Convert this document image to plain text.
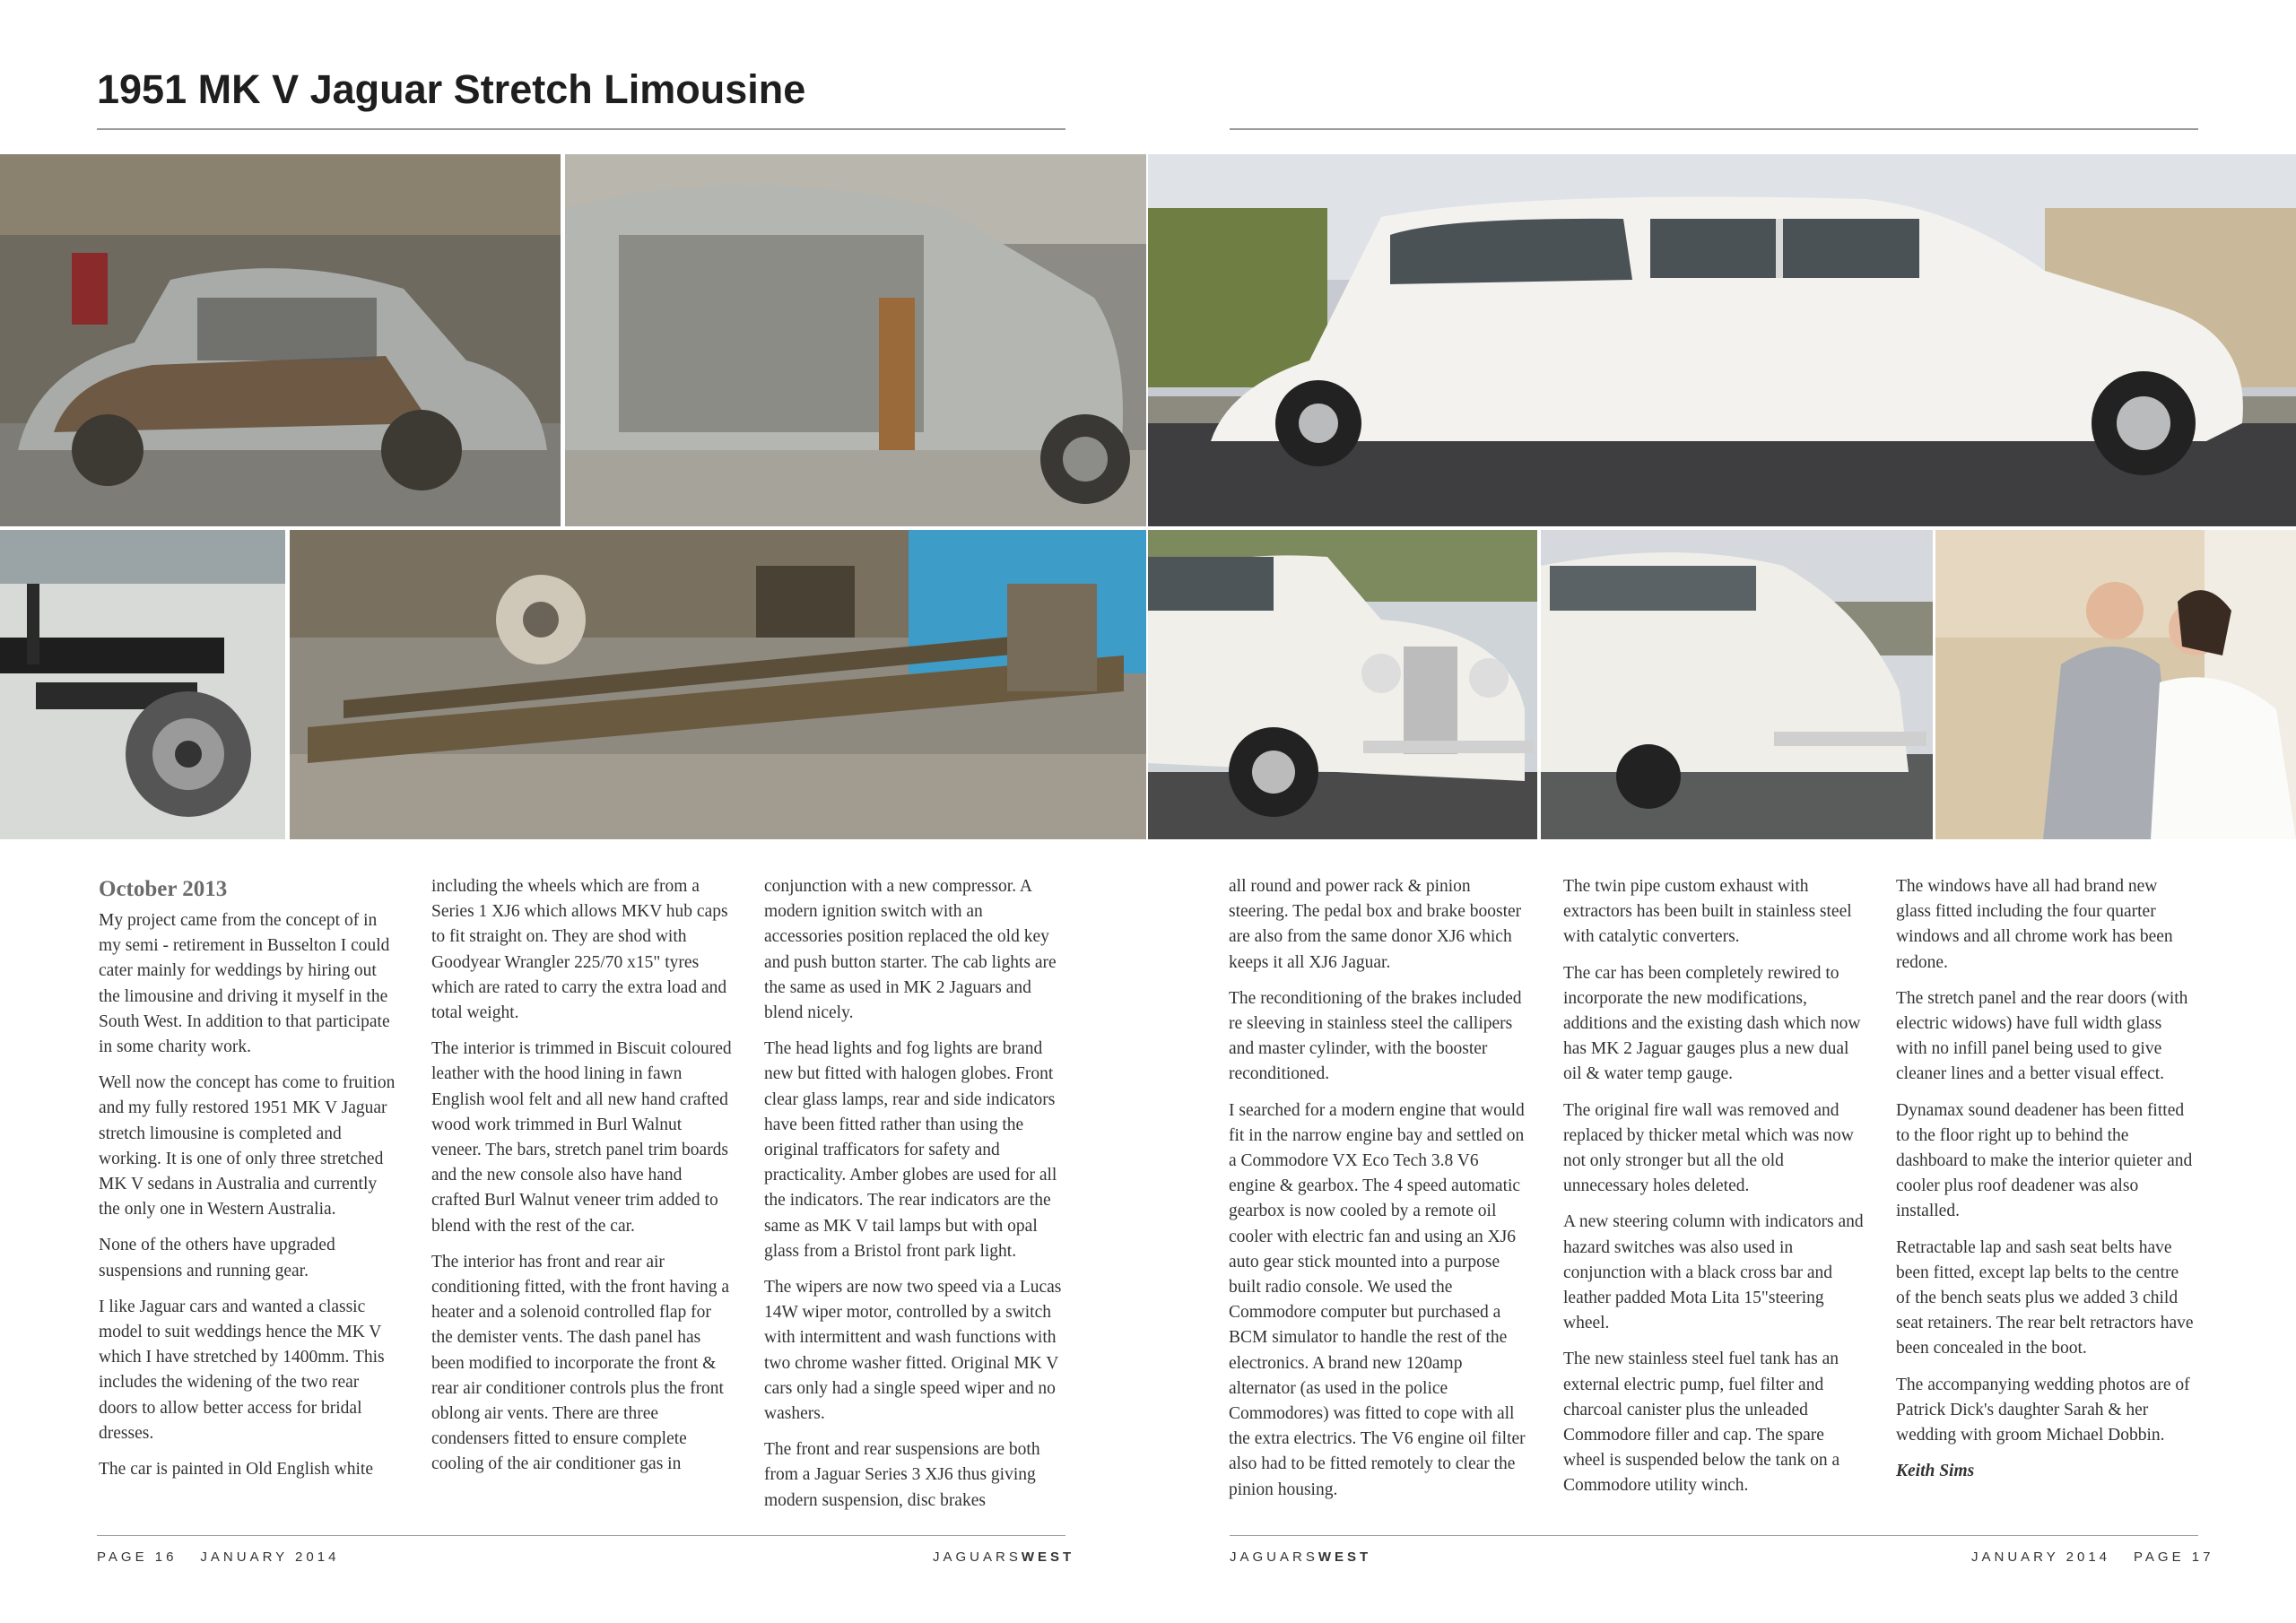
1951 MK V Jaguar Stretch Limousine
October 2013

My project came from the concept of in my semi - retirement in Busselton I could cater mainly for weddings by hiring out the limousine and driving it myself in the South West. In addition to that participate in some charity work.

Well now the concept has come to fruition and my fully restored 1951 MK V Jaguar stretch limousine is completed and working. It is one of only three stretched MK V sedans in Australia and currently the only one in Western Australia.

None of the others have upgraded suspensions and running gear.

I like Jaguar cars and wanted a classic model to suit weddings hence the MK V which I have stretched by 1400mm. This includes the widening of the two rear doors to allow better access for bridal dresses.

The car is painted in Old English white

including the wheels which are from a Series 1 XJ6 which allows MKV hub caps to fit straight on. They are shod with Goodyear Wrangler 225/70 x15" tyres which are rated to carry the extra load and total weight.

The interior is trimmed in Biscuit coloured leather with the hood lining in fawn English wool felt and all new hand crafted wood work trimmed in Burl Walnut veneer. The bars, stretch panel trim boards and the new console also have hand crafted Burl Walnut veneer trim added to blend with the rest of the car.

The interior has front and rear air conditioning fitted, with the front having a heater and a solenoid controlled flap for the demister vents. The dash panel has been modified to incorporate the front & rear air conditioner controls plus the front oblong air vents. There are three condensers fitted to ensure complete cooling of the air conditioner gas in

conjunction with a new compressor. A modern ignition switch with an accessories position replaced the old key and push button starter. The cab lights are the same as used in MK 2 Jaguars and blend nicely.

The head lights and fog lights are brand new but fitted with halogen globes. Front clear glass lamps, rear and side indicators have been fitted rather than using the original trafficators for safety and practicality. Amber globes are used for all the indicators. The rear indicators are the same as MK V tail lamps but with opal glass from a Bristol front park light.

The wipers are now two speed via a Lucas 14W wiper motor, controlled by a switch with intermittent and wash functions with two chrome washer fitted. Original MK V cars only had a single speed wiper and no washers.

The front and rear suspensions are both from a Jaguar Series 3 XJ6 thus giving modern suspension, disc brakes

all round and power rack & pinion steering. The pedal box and brake booster are also from the same donor XJ6 which keeps it all XJ6 Jaguar.

The reconditioning of the brakes included re sleeving in stainless steel the callipers and master cylinder, with the booster reconditioned.

I searched for a modern engine that would fit in the narrow engine bay and settled on a Commodore VX Eco Tech 3.8 V6 engine & gearbox. The 4 speed automatic gearbox is now cooled by a remote oil cooler with electric fan and using an XJ6 auto gear stick mounted into a purpose built radio console. We used the Commodore computer but purchased a BCM simulator to handle the rest of the electronics. A brand new 120amp alternator (as used in the police Commodores) was fitted to cope with all the extra electrics. The V6 engine oil filter also had to be fitted remotely to clear the pinion housing.

The twin pipe custom exhaust with extractors has been built in stainless steel with catalytic converters.

The car has been completely rewired to incorporate the new modifications, additions and the existing dash which now has MK 2 Jaguar gauges plus a new dual oil & water temp gauge.

The original fire wall was removed and replaced by thicker metal which was now not only stronger but all the old unnecessary holes deleted.

A new steering column with indicators and hazard switches was also used in conjunction with a black cross bar and leather padded Mota Lita 15"steering wheel.

The new stainless steel fuel tank has an external electric pump, fuel filter and charcoal canister plus the unleaded Commodore filler and cap. The spare wheel is suspended below the tank on a Commodore utility winch.

The windows have all had brand new glass fitted including the four quarter windows and all chrome work has been redone.

The stretch panel and the rear doors (with electric widows) have full width glass with no infill panel being used to give cleaner lines and a better visual effect.

Dynamax sound deadener has been fitted to the floor right up to behind the dashboard to make the interior quieter and cooler plus roof deadener was also installed.

Retractable lap and sash seat belts have been fitted, except lap belts to the centre of the bench seats plus we added 3 child seat retainers. The rear belt retractors have been concealed in the boot.

The accompanying wedding photos are of Patrick Dick's daughter Sarah & her wedding with groom Michael Dobbin.

Keith Sims

PAGE 16 JANUARY 2014	JAGUARSWEST	JAGUARSWEST	JANUARY 2014 PAGE 17
